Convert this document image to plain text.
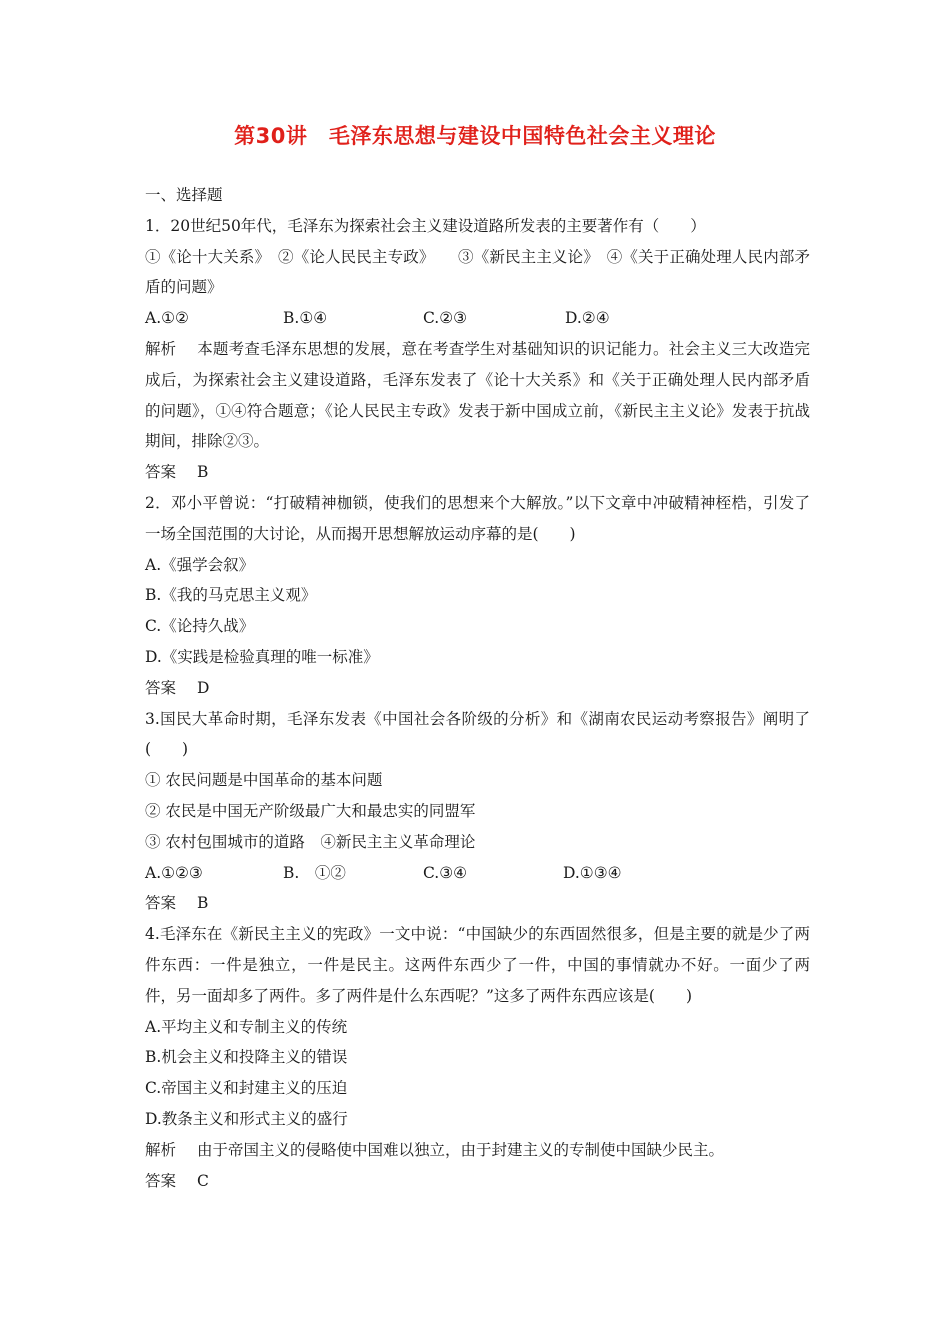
第30讲　毛泽东思想与建设中国特色社会主义理论
一、选择题
1．20世纪50年代，毛泽东为探索社会主义建设道路所发表的主要著作有（　　）
①《论十大关系》　②《论人民民主专政》　　③《新民主主义论》　④《关于正确处理人民内部矛盾的问题》
A.①②	B.①④	C.②③	D.②④
解析 本题考查毛泽东思想的发展，意在考查学生对基础知识的识记能力。社会主义三大改造完成后，为探索社会主义建设道路，毛泽东发表了《论十大关系》和《关于正确处理人民内部矛盾的问题》，①④符合题意；《论人民民主专政》发表于新中国成立前，《新民主主义论》发表于抗战期间，排除②③。
答案 B
2．邓小平曾说：“打破精神枷锁，使我们的思想来个大解放。”以下文章中冲破精神桎梏，引发了一场全国范围的大讨论，从而揭开思想解放运动序幕的是(　　)
A.《强学会叙》
B.《我的马克思主义观》
C.《论持久战》
D.《实践是检验真理的唯一标准》
答案 D
3.国民大革命时期，毛泽东发表《中国社会各阶级的分析》和《湖南农民运动考察报告》阐明了(　　)
① 农民问题是中国革命的基本问题
② 农民是中国无产阶级最广大和最忠实的同盟军
③ 农村包围城市的道路　④新民主主义革命理论
A.①②③	B.　①②	C.③④	D.①③④
答案 B
4.毛泽东在《新民主主义的宪政》一文中说：“中国缺少的东西固然很多，但是主要的就是少了两件东西：一件是独立，一件是民主。这两件东西少了一件，中国的事情就办不好。一面少了两件，另一面却多了两件。多了两件是什么东西呢？”这多了两件东西应该是(　　)
A.平均主义和专制主义的传统
B.机会主义和投降主义的错误
C.帝国主义和封建主义的压迫
D.教条主义和形式主义的盛行
解析 由于帝国主义的侵略使中国难以独立，由于封建主义的专制使中国缺少民主。
答案 C
